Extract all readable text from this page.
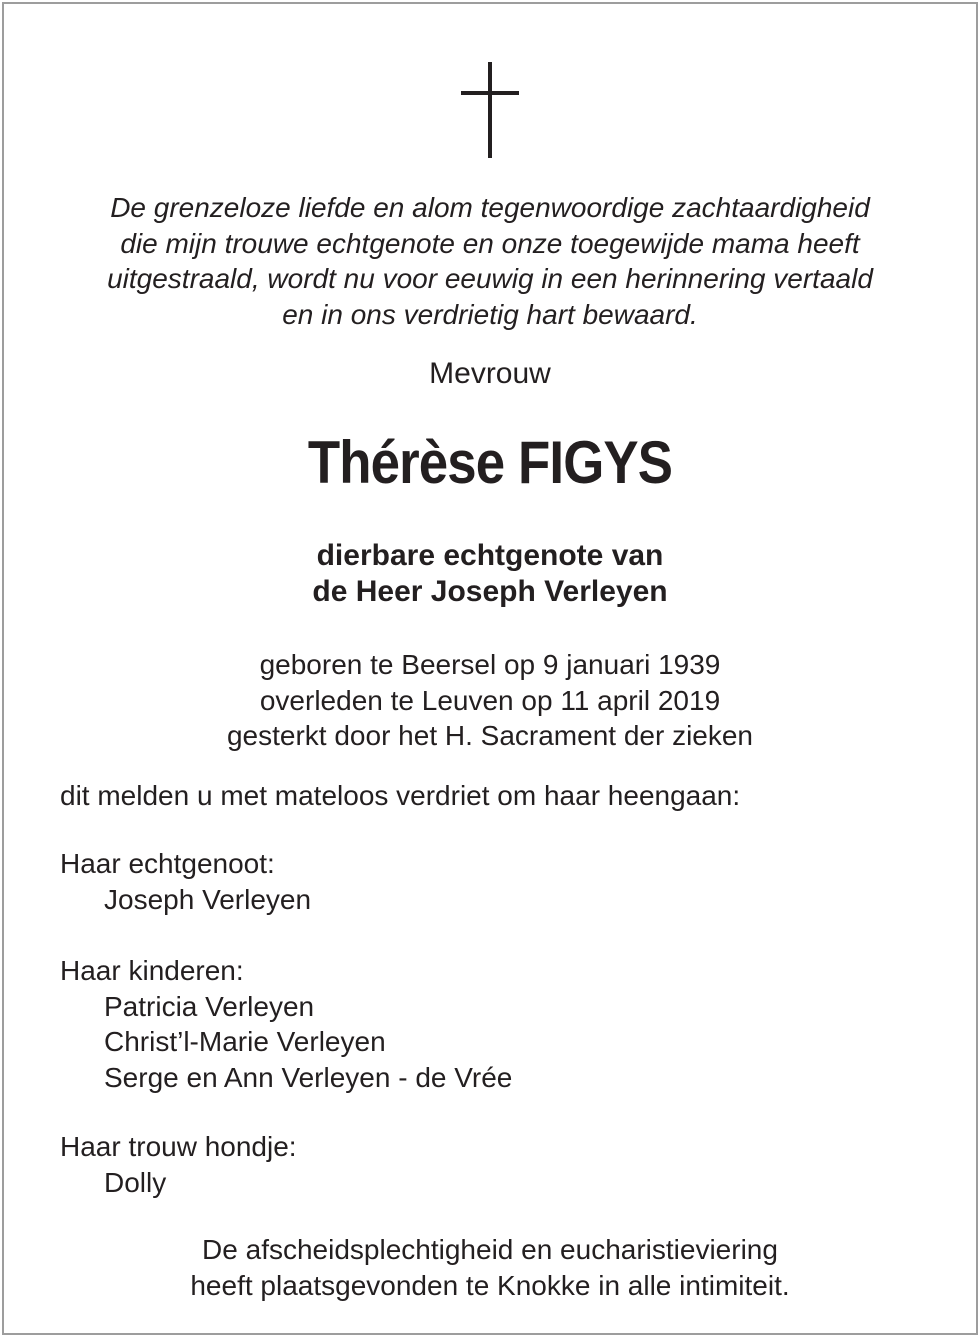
De grenzeloze liefde en alom tegenwoordige zachtaardigheid
die mijn trouwe echtgenote en onze toegewijde mama heeft
uitgestraald, wordt nu voor eeuwig in een herinnering vertaald
en in ons verdrietig hart bewaard.
Mevrouw
Thérèse FIGYS
dierbare echtgenote van
de Heer Joseph Verleyen
geboren te Beersel op 9 januari 1939
overleden te Leuven op 11 april 2019
gesterkt door het H. Sacrament der zieken
dit melden u met mateloos verdriet om haar heengaan:
Haar echtgenoot:
Joseph Verleyen
Haar kinderen:
Patricia Verleyen
Christ’l-Marie Verleyen
Serge en Ann Verleyen - de Vrée
Haar trouw hondje:
Dolly
De afscheidsplechtigheid en eucharistieviering
heeft plaatsgevonden te Knokke in alle intimiteit.
